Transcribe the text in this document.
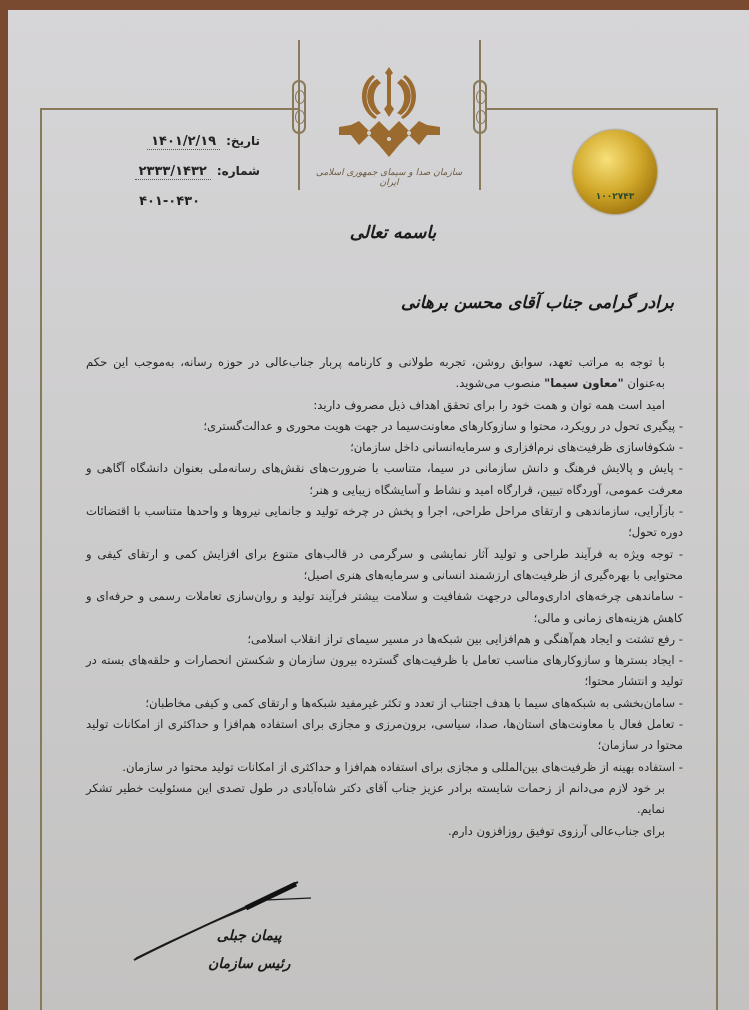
سازمان صدا و سیمای جمهوری اسلامی ایران
باسمه تعالی
تاریخ:
۱۴۰۱/۲/۱۹
شماره:
۲۳۳۳/۱۴۳۲
۴۰۱-۰۴۳۰	۱۰۰۲۷۴۳
برادر گرامی جناب آقای محسن برهانی

با توجه به مراتب تعهد، سوابق روشن، تجربه طولانی و کارنامه پربار جناب‌عالی در حوزه رسانه، به‌موجب این حکم به‌عنوان "معاون سیما" منصوب می‌شوید.

امید است همه توان و همت خود را برای تحقق اهداف ذیل مصروف دارید:

- پیگیری تحول در رویکرد، محتوا و سازوکارهای معاونت‌سیما در جهت هویت محوری و عدالت‌گستری؛

- شکوفاسازی ظرفیت‌های نرم‌افزاری و سرمایه‌انسانی داخل سازمان؛

- پایش و پالایش فرهنگ و دانش سازمانی در سیما، متناسب با ضرورت‌های نقش‌های رسانه‌ملی بعنوان دانشگاه آگاهی و معرفت عمومی، آوردگاه تبیین، قرارگاه امید و نشاط و آسایشگاه زیبایی و هنر؛

- بازآرایی، سازماندهی و ارتقای مراحل طراحی، اجرا و پخش در چرخه تولید و جانمایی نیروها و واحدها متناسب با اقتضائات دوره تحول؛

- توجه ویژه به فرآیند طراحی و تولید آثار نمایشی و سرگرمی در قالب‌های متنوع برای افزایش کمی و ارتقای کیفی و محتوایی با بهره‌گیری از ظرفیت‌های ارزشمند انسانی و سرمایه‌های هنری اصیل؛

- ساماندهی چرخه‌های اداری‌ومالی درجهت شفافیت و سلامت بیشتر فرآیند تولید و روان‌سازی تعاملات رسمی و حرفه‌ای و کاهش هزینه‌های زمانی و مالی؛

- رفع تشتت و ایجاد هم‌آهنگی و هم‌افزایی بین شبکه‌ها در مسیر سیمای تراز انقلاب اسلامی؛

- ایجاد بسترها و سازوکارهای مناسب تعامل با ظرفیت‌های گسترده بیرون سازمان و شکستن انحصارات و حلقه‌های بسته در تولید و انتشار محتوا؛

- سامان‌بخشی به شبکه‌های سیما با هدف اجتناب از تعدد و تکثر غیرمفید شبکه‌ها و ارتقای کمی و کیفی مخاطبان؛

- تعامل فعال با معاونت‌های استان‌ها، صدا، سیاسی، برون‌مرزی و مجازی برای استفاده هم‌افزا و حداکثری از امکانات تولید محتوا در سازمان؛

- استفاده بهینه از ظرفیت‌های بین‌المللی و مجازی برای استفاده هم‌افزا و حداکثری از امکانات تولید محتوا در سازمان.

بر خود لازم می‌دانم از زحمات شایسته برادر عزیز جناب آقای دکتر شاه‌آبادی در طول تصدی این مسئولیت خطیر تشکر نمایم.

برای جناب‌عالی آرزوی توفیق روزافزون دارم.

پیمان جبلی
رئیس سازمان
